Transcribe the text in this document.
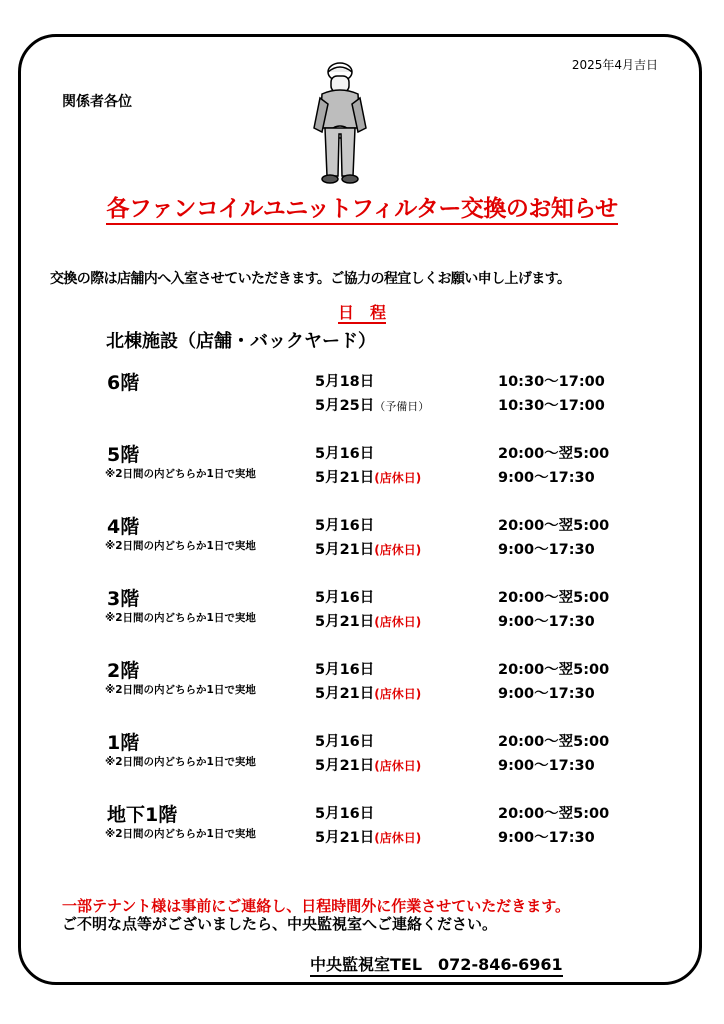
2025年4月吉日
関係者各位
各ファンコイルユニットフィルター交換のお知らせ
交換の際は店舗内へ入室させていただきます。ご協力の程宜しくお願い申し上げます。
日　程
北棟施設（店舗・バックヤード）
6階	5月18日
5月25日（予備日）
10:30〜17:00
10:30〜17:00
5階
※2日間の内どちらか1日で実地
5月16日
5月21日(店休日)
20:00〜翌5:00
9:00〜17:30
4階
※2日間の内どちらか1日で実地
5月16日
5月21日(店休日)
20:00〜翌5:00
9:00〜17:30
3階
※2日間の内どちらか1日で実地
5月16日
5月21日(店休日)
20:00〜翌5:00
9:00〜17:30
2階
※2日間の内どちらか1日で実地
5月16日
5月21日(店休日)
20:00〜翌5:00
9:00〜17:30
1階
※2日間の内どちらか1日で実地
5月16日
5月21日(店休日)
20:00〜翌5:00
9:00〜17:30
地下1階
※2日間の内どちらか1日で実地
5月16日
5月21日(店休日)
20:00〜翌5:00
9:00〜17:30
一部テナント様は事前にご連絡し、日程時間外に作業させていただきます。
ご不明な点等がございましたら、中央監視室へご連絡ください。
中央監視室TEL　072-846-6961
